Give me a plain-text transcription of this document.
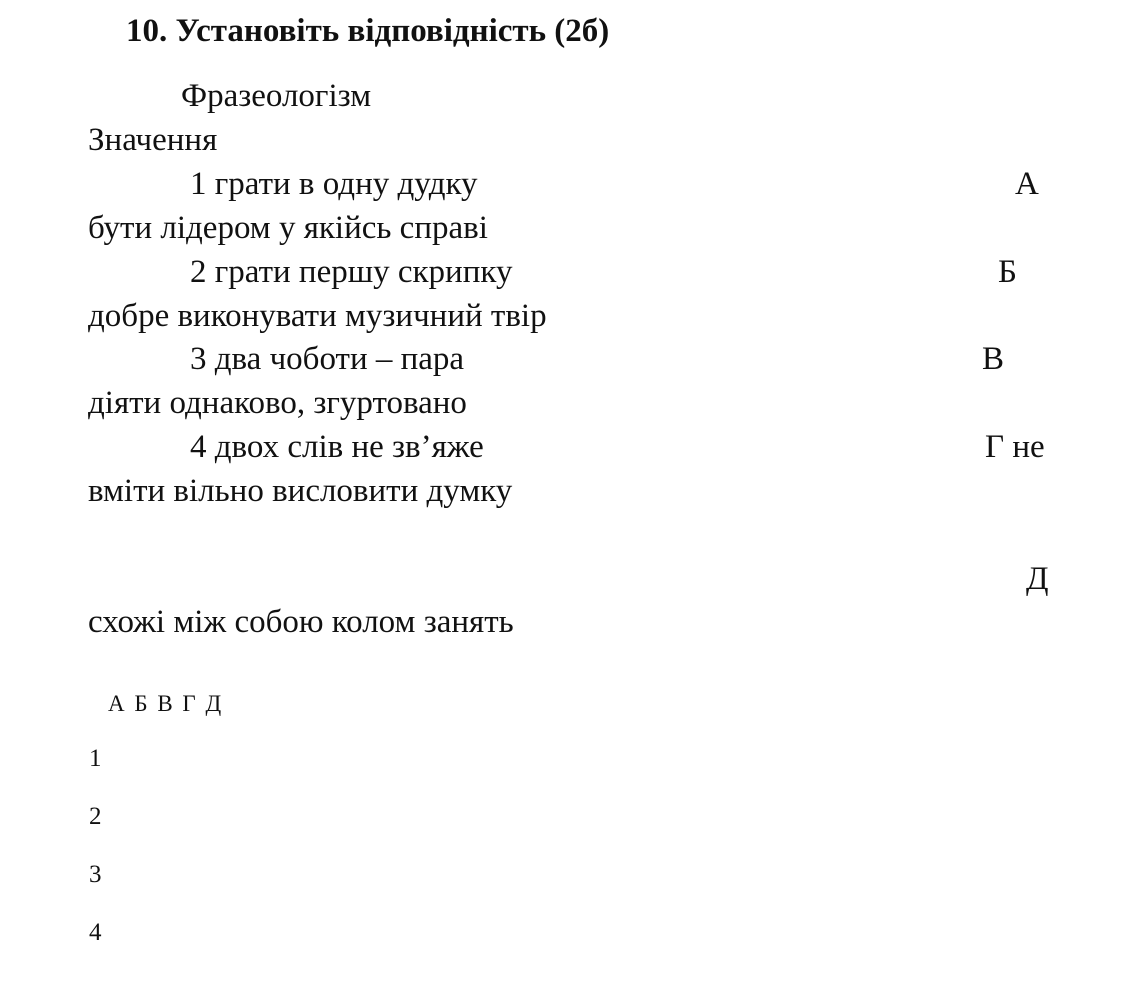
10. Установіть відповідність (2б)
Фразеологізм
Значення
1 грати в одну дудку	А
бути лідером у якійсь справі
2 грати першу скрипку	Б
добре виконувати музичний твір
3 два чоботи – пара	В
діяти однаково, згуртовано
4 двох слів не зв’яже	Г не
вміти вільно висловити думку
Д
схожі між собою колом занять
А Б В Г Д
1
2
3
4
